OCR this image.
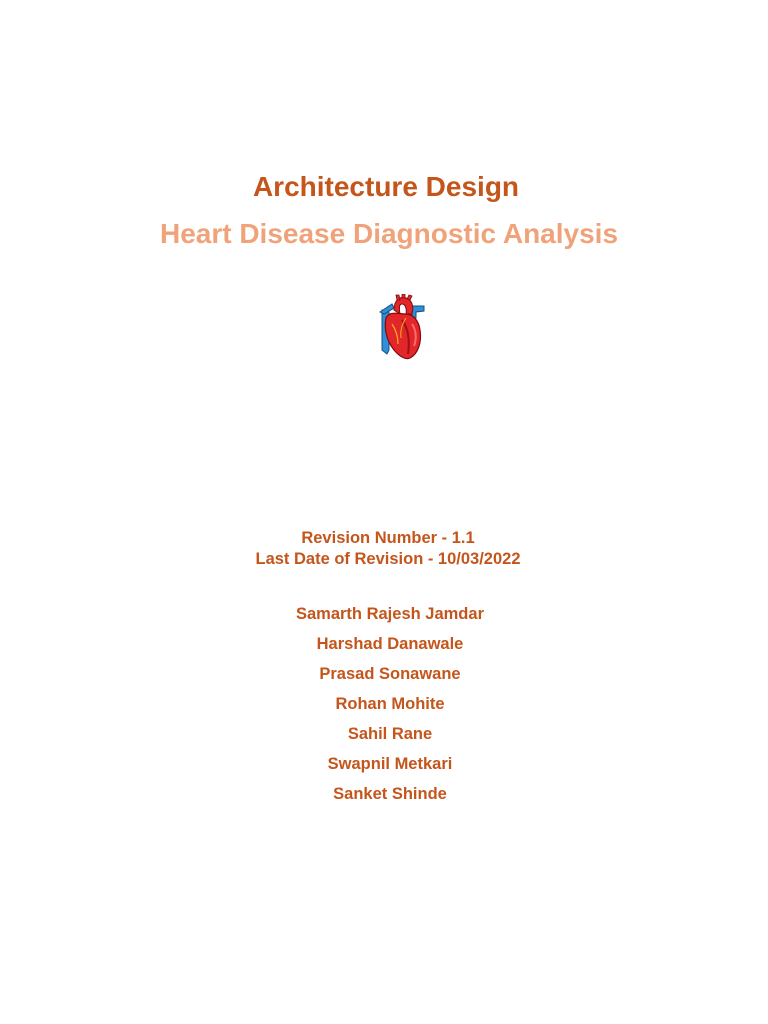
Architecture Design
Heart Disease Diagnostic Analysis
Revision Number - 1.1
Last Date of Revision - 10/03/2022
Samarth Rajesh Jamdar
Harshad Danawale
Prasad Sonawane
Rohan Mohite
Sahil Rane
Swapnil Metkari
Sanket Shinde
